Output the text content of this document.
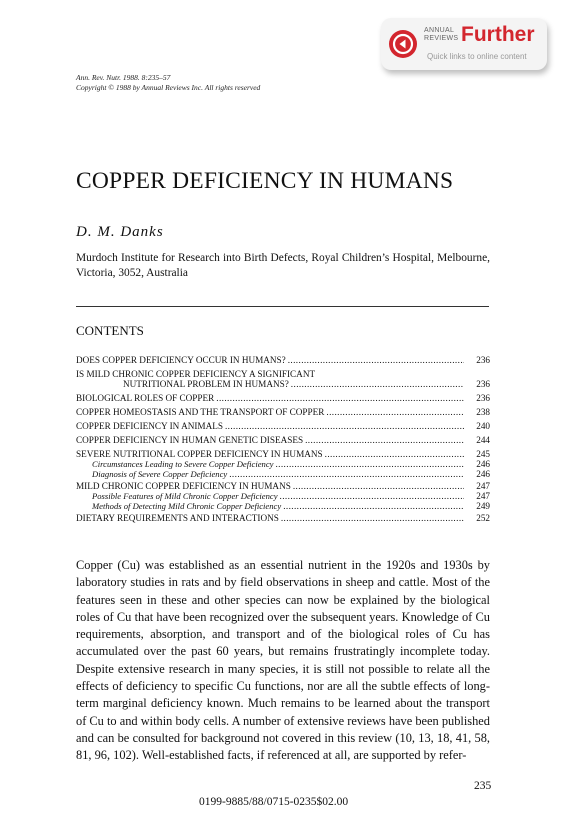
ANNUAL
REVIEWS Further
Quick links to online content
Ann. Rev. Nutr. 1988. 8:235–57
Copyright © 1988 by Annual Reviews Inc. All rights reserved
COPPER DEFICIENCY IN HUMANS
D. M. Danks
Murdoch Institute for Research into Birth Defects, Royal Children’s Hospital, Melbourne, Victoria, 3052, Australia
CONTENTS
DOES COPPER DEFICIENCY OCCUR IN HUMANS? .....	236
IS MILD CHRONIC COPPER DEFICIENCY A SIGNIFICANT
NUTRITIONAL PROBLEM IN HUMANS? .....	236
BIOLOGICAL ROLES OF COPPER .....	236
COPPER HOMEOSTASIS AND THE TRANSPORT OF COPPER .....	238
COPPER DEFICIENCY IN ANIMALS .....	240
COPPER DEFICIENCY IN HUMAN GENETIC DISEASES .....	244
SEVERE NUTRITIONAL COPPER DEFICIENCY IN HUMANS .....	245
Circumstances Leading to Severe Copper Deficiency .....	246
Diagnosis of Severe Copper Deficiency .....	246
MILD CHRONIC COPPER DEFICIENCY IN HUMANS .....	247
Possible Features of Mild Chronic Copper Deficiency .....	247
Methods of Detecting Mild Chronic Copper Deficiency .....	249
DIETARY REQUIREMENTS AND INTERACTIONS .....	252
Copper (Cu) was established as an essential nutrient in the 1920s and 1930s by laboratory studies in rats and by field observations in sheep and cattle. Most of the features seen in these and other species can now be explained by the biological roles of Cu that have been recognized over the subsequent years. Knowledge of Cu requirements, absorption, and transport and of the biological roles of Cu has accumulated over the past 60 years, but remains frustratingly incomplete today. Despite extensive research in many species, it is still not possible to relate all the effects of deficiency to specific Cu functions, nor are all the subtle effects of long-term marginal deficiency known. Much remains to be learned about the transport of Cu to and within body cells. A number of extensive reviews have been published and can be consulted for background not covered in this review (10, 13, 18, 41, 58, 81, 96, 102). Well-established facts, if referenced at all, are supported by refer-
235
0199-9885/88/0715-0235$02.00
